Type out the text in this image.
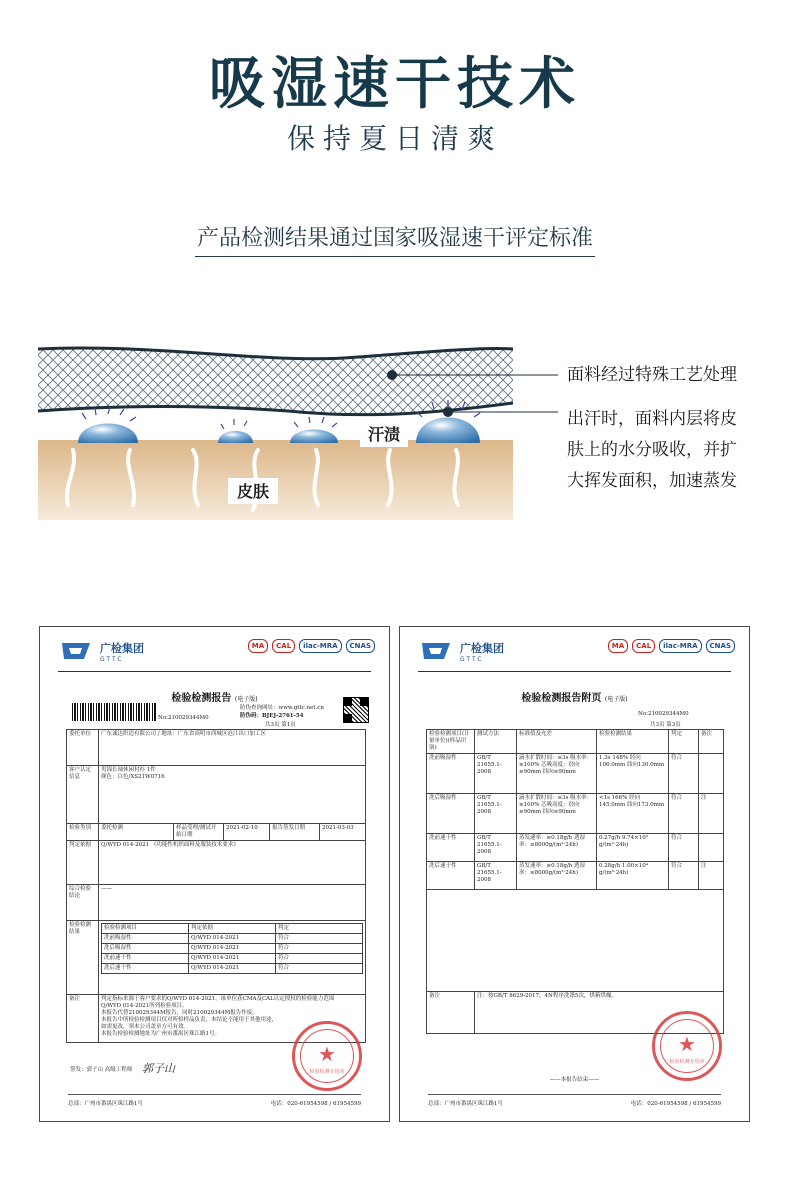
吸湿速干技术
保持夏日清爽
产品检测结果通过国家吸湿速干评定标准
汗渍
皮肤
面料经过特殊工艺处理
出汗时，面料内层将皮
肤上的水分吸收，并扩
大挥发面积，加速蒸发
广检集团
GTTC
MA	CAL	ilac-MRA	CNAS
检验检测报告 (电子版)
No:210029344M0
防伪查询网址：www.gttc.net.cn
防伪码：BJEJ-2761-54
共3页 第1页
委托单位	广东诚达织造有限公司 / 地址：广东省高明市西城区沧江出口加工区
客户认定信息	
男锦长袖休闲衬衫 1件
颜色：白色/XS21W0716

检验类别	委托检测	样品受理/测试开始日期	2021-02-10	报告签发日期	2021-03-03
判定依据	Q/WYD 014-2021 《功能性机织面料及服装技术要求》
综合检验结论	——
检验检测结果	
检验检测项目	判定依据	判定
洗前吸湿性	Q/WYD 014-2021	符合
洗后吸湿性	Q/WYD 014-2021	符合
洗前速干性	Q/WYD 014-2021	符合
洗后速干性	Q/WYD 014-2021	符合

备注	判定指标来源于客户要求的Q/WYD 014-2021，该单位获CMA及CAL认定授权的检验能力范围
Q/WYD 014-2021所列检验项目。
本报告代替210029344M报告，同时210029344M报告作废。
本报告中所检验检测项目仅对所检样品负责，本结论不能用于其他用途，
如需更改，须本公司盖章方可有效。
本报告检验检测地址为广州市番禺区珠江路1号。
签发：郭子山 高级工程师 郭子山
★
检验检测专用章
总部：广州市番禺区珠江路1号	电话：020-61954598 / 61954599
广检集团
GTTC
MA	CAL	ilac-MRA	CNAS
检验检测报告附页 (电子版)
No:210029344M0
共3页 第3页
检验检测项目(计量单位)(样品识别)	测试方法	标准值及允差	检验检测结果	判定	备注
洗前吸湿性	GB/T 21655.1-2008	滴水扩散时间：≤3s 吸水率：≥100% 芯吸高度：经向≥90mm 纬向≥90mm	1.3s 148% 经向106.0mm 纬向130.0mm	符合	
洗后吸湿性	GB/T 21655.1-2008	滴水扩散时间：≤3s 吸水率：≥100% 芯吸高度：经向≥90mm 纬向≥90mm	<1s 166% 经向145.0mm 纬向173.0mm	符合	注
洗前速干性	GB/T 21655.1-2008	蒸发速率：≥0.18g/h 透湿率：≥8000g/(m²·24h)	0.27g/h 9.74×10³ g/(m²·24h)	符合	
洗后速干性	GB/T 21655.1-2008	蒸发速率：≥0.18g/h 透湿率：≥8000g/(m²·24h)	0.28g/h 1.00×10⁴ g/(m²·24h)	符合	注

备注	注：按GB/T 8629-2017，4N程序洗涤5次，烘箱烘燥。				
★
检验检测专用章
——本报告结束——
总部：广州市番禺区珠江路1号	电话：020-61954598 / 61954599
